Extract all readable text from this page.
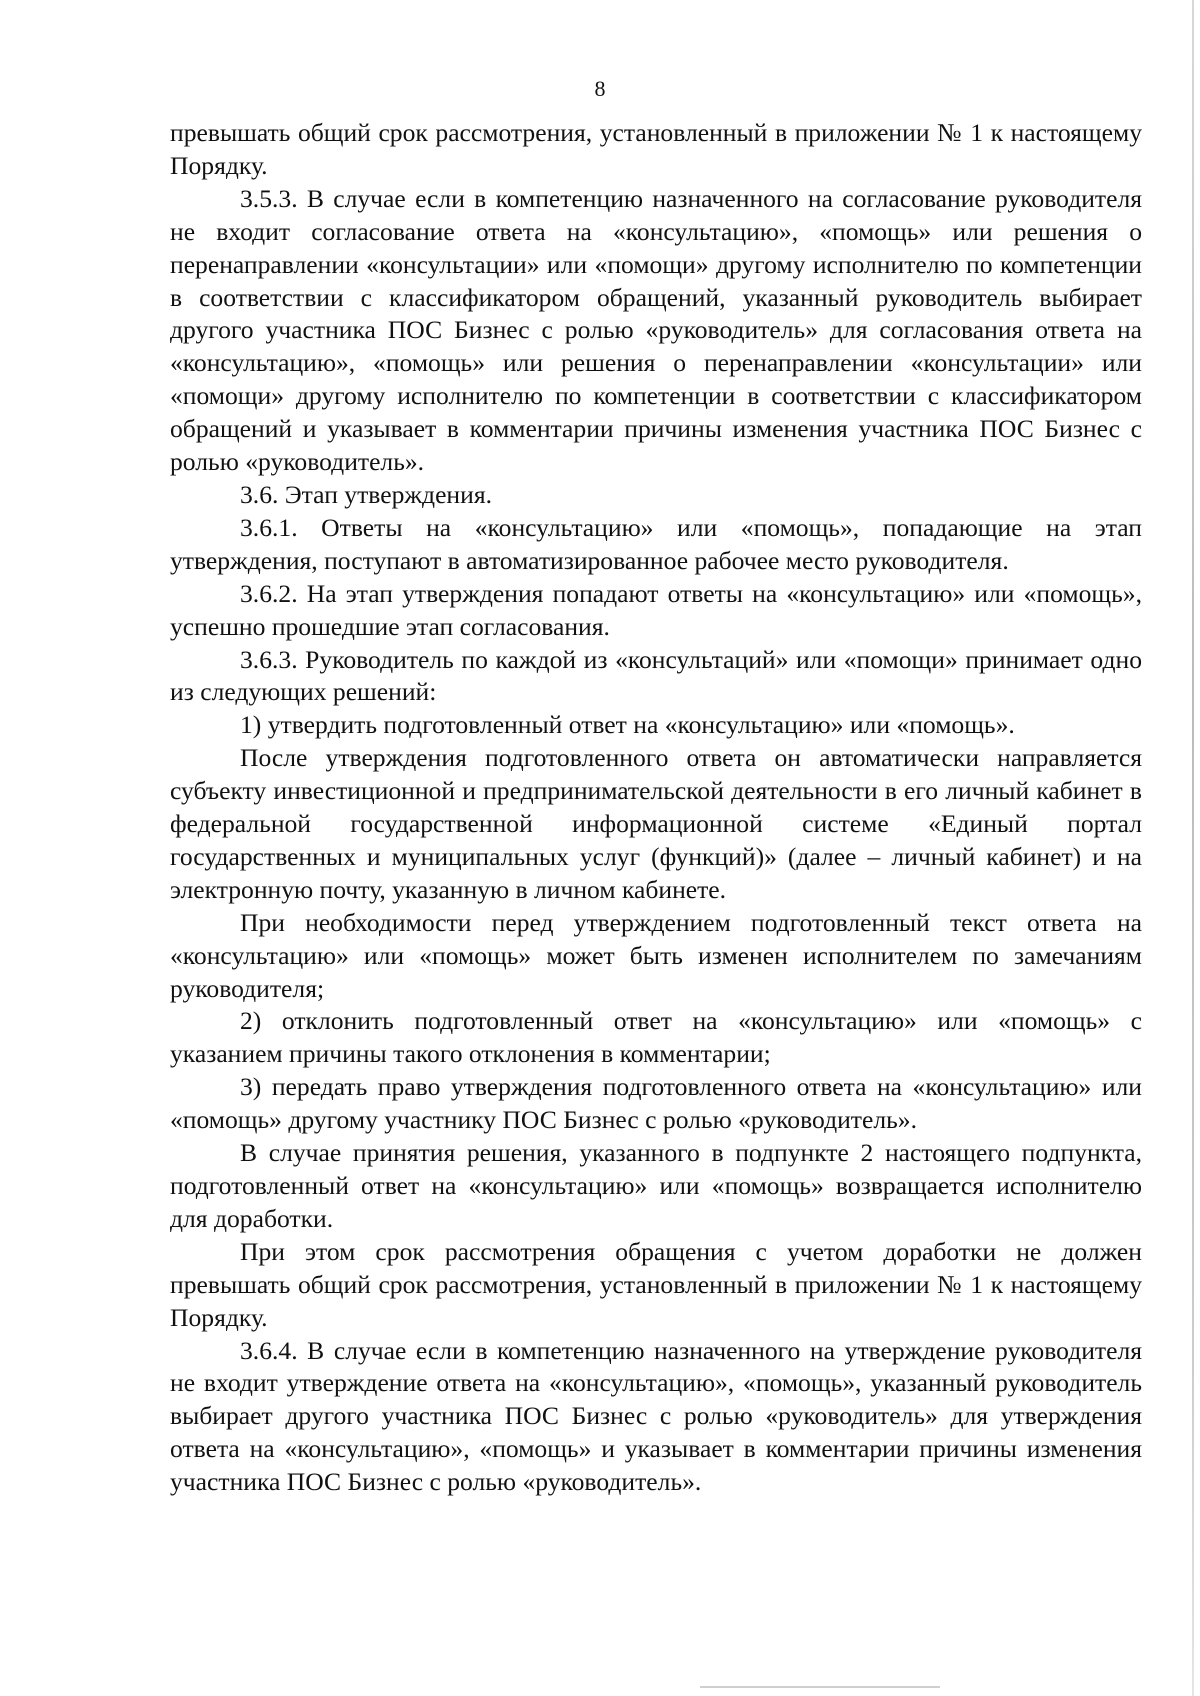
8

превышать общий срок рассмотрения, установленный в приложении № 1 к настоящему Порядку.

3.5.3. В случае если в компетенцию назначенного на согласование руководителя не входит согласование ответа на «консультацию», «помощь» или решения о перенаправлении «консультации» или «помощи» другому исполнителю по компетенции в соответствии с классификатором обращений, указанный руководитель выбирает другого участника ПОС Бизнес с ролью «руководитель» для согласования ответа на «консультацию», «помощь» или решения о перенаправлении «консультации» или «помощи» другому исполнителю по компетенции в соответствии с классификатором обращений и указывает в комментарии причины изменения участника ПОС Бизнес с ролью «руководитель».

3.6. Этап утверждения.

3.6.1. Ответы на «консультацию» или «помощь», попадающие на этап утверждения, поступают в автоматизированное рабочее место руководителя.

3.6.2. На этап утверждения попадают ответы на «консультацию» или «помощь», успешно прошедшие этап согласования.

3.6.3. Руководитель по каждой из «консультаций» или «помощи» принимает одно из следующих решений:

1) утвердить подготовленный ответ на «консультацию» или «помощь».

После утверждения подготовленного ответа он автоматически направляется субъекту инвестиционной и предпринимательской деятельности в его личный кабинет в федеральной государственной информационной системе «Единый портал государственных и муниципальных услуг (функций)» (далее – личный кабинет) и на электронную почту, указанную в личном кабинете.

При необходимости перед утверждением подготовленный текст ответа на «консультацию» или «помощь» может быть изменен исполнителем по замечаниям руководителя;

2) отклонить подготовленный ответ на «консультацию» или «помощь» с указанием причины такого отклонения в комментарии;

3) передать право утверждения подготовленного ответа на «консультацию» или «помощь» другому участнику ПОС Бизнес с ролью «руководитель».

В случае принятия решения, указанного в подпункте 2 настоящего подпункта, подготовленный ответ на «консультацию» или «помощь» возвращается исполнителю для доработки.

При этом срок рассмотрения обращения с учетом доработки не должен превышать общий срок рассмотрения, установленный в приложении № 1 к настоящему Порядку.

3.6.4. В случае если в компетенцию назначенного на утверждение руководителя не входит утверждение ответа на «консультацию», «помощь», указанный руководитель выбирает другого участника ПОС Бизнес с ролью «руководитель» для утверждения ответа на «консультацию», «помощь» и указывает в комментарии причины изменения участника ПОС Бизнес с ролью «руководитель».
